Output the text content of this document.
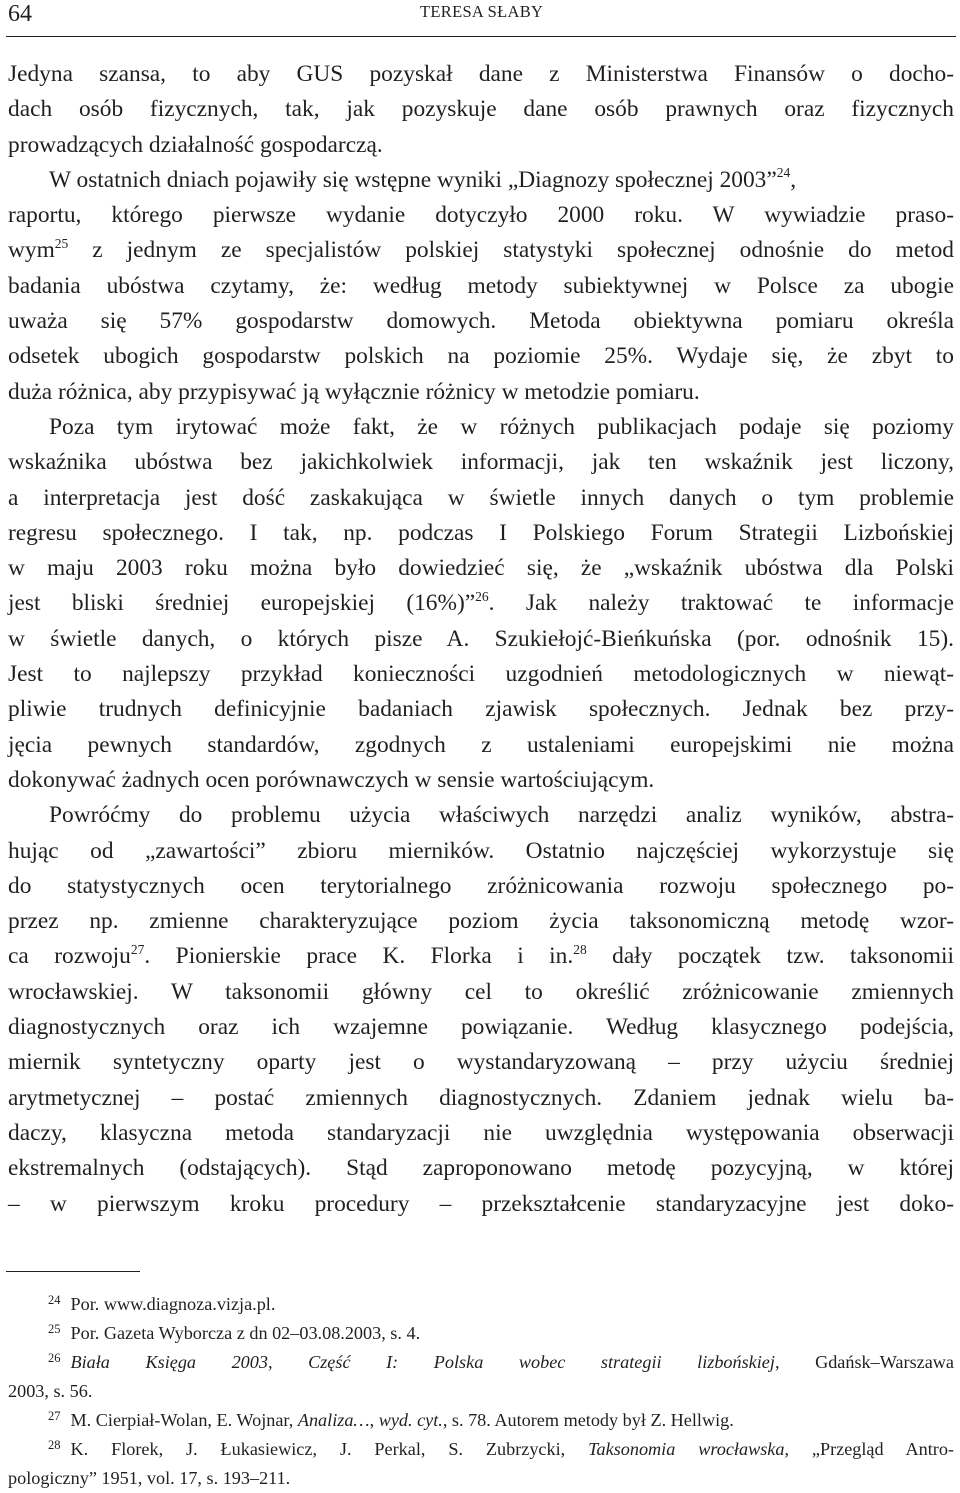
64	TERESA SŁABY
Jedyna szansa, to aby GUS pozyskał dane z Ministerstwa Finansów o docho-
dach osób fizycznych, tak, jak pozyskuje dane osób prawnych oraz fizycznych
prowadzących działalność gospodarczą.
W ostatnich dniach pojawiły się wstępne wyniki „Diagnozy społecznej 2003”$^{24}$,
raportu, którego pierwsze wydanie dotyczyło 2000 roku. W wywiadzie praso-
wym$^{25}$ z jednym ze specjalistów polskiej statystyki społecznej odnośnie do metod
badania ubóstwa czytamy, że: według metody subiektywnej w Polsce za ubogie
uważa się 57% gospodarstw domowych. Metoda obiektywna pomiaru określa
odsetek ubogich gospodarstw polskich na poziomie 25%. Wydaje się, że zbyt to
duża różnica, aby przypisywać ją wyłącznie różnicy w metodzie pomiaru.
Poza tym irytować może fakt, że w różnych publikacjach podaje się poziomy
wskaźnika ubóstwa bez jakichkolwiek informacji, jak ten wskaźnik jest liczony,
a interpretacja jest dość zaskakująca w świetle innych danych o tym problemie
regresu społecznego. I tak, np. podczas I Polskiego Forum Strategii Lizbońskiej
w maju 2003 roku można było dowiedzieć się, że „wskaźnik ubóstwa dla Polski
jest bliski średniej europejskiej (16%)”$^{26}$. Jak należy traktować te informacje
w świetle danych, o których pisze A. Szukiełojć-Bieńkuńska (por. odnośnik 15).
Jest to najlepszy przykład konieczności uzgodnień metodologicznych w niewąt-
pliwie trudnych definicyjnie badaniach zjawisk społecznych. Jednak bez przy-
jęcia pewnych standardów, zgodnych z ustaleniami europejskimi nie można
dokonywać żadnych ocen porównawczych w sensie wartościującym.
Powróćmy do problemu użycia właściwych narzędzi analiz wyników, abstra-
hując od „zawartości” zbioru mierników. Ostatnio najczęściej wykorzystuje się
do statystycznych ocen terytorialnego zróżnicowania rozwoju społecznego po-
przez np. zmienne charakteryzujące poziom życia taksonomiczną metodę wzor-
ca rozwoju$^{27}$. Pionierskie prace K. Florka i in.$^{28}$ dały początek tzw. taksonomii
wrocławskiej. W taksonomii główny cel to określić zróżnicowanie zmiennych
diagnostycznych oraz ich wzajemne powiązanie. Według klasycznego podejścia,
miernik syntetyczny oparty jest o wystandaryzowaną – przy użyciu średniej
arytmetycznej – postać zmiennych diagnostycznych. Zdaniem jednak wielu ba-
daczy, klasyczna metoda standaryzacji nie uwzględnia występowania obserwacji
ekstremalnych (odstających). Stąd zaproponowano metodę pozycyjną, w której
– w pierwszym kroku procedury – przekształcenie standaryzacyjne jest doko-
$^{24}$ Por. www.diagnoza.vizja.pl.
$^{25}$ Por. Gazeta Wyborcza z dn 02–03.08.2003, s. 4.
$^{26}$ Biała Księga 2003, Część I: Polska wobec strategii lizbońskiej, Gdańsk–Warszawa
2003, s. 56.
$^{27}$ M. Cierpiał-Wolan, E. Wojnar, Analiza…, wyd. cyt., s. 78. Autorem metody był Z. Hellwig.
$^{28}$ K. Florek, J. Łukasiewicz, J. Perkal, S. Zubrzycki, Taksonomia wrocławska, „Przegląd Antro-
pologiczny” 1951, vol. 17, s. 193–211.
